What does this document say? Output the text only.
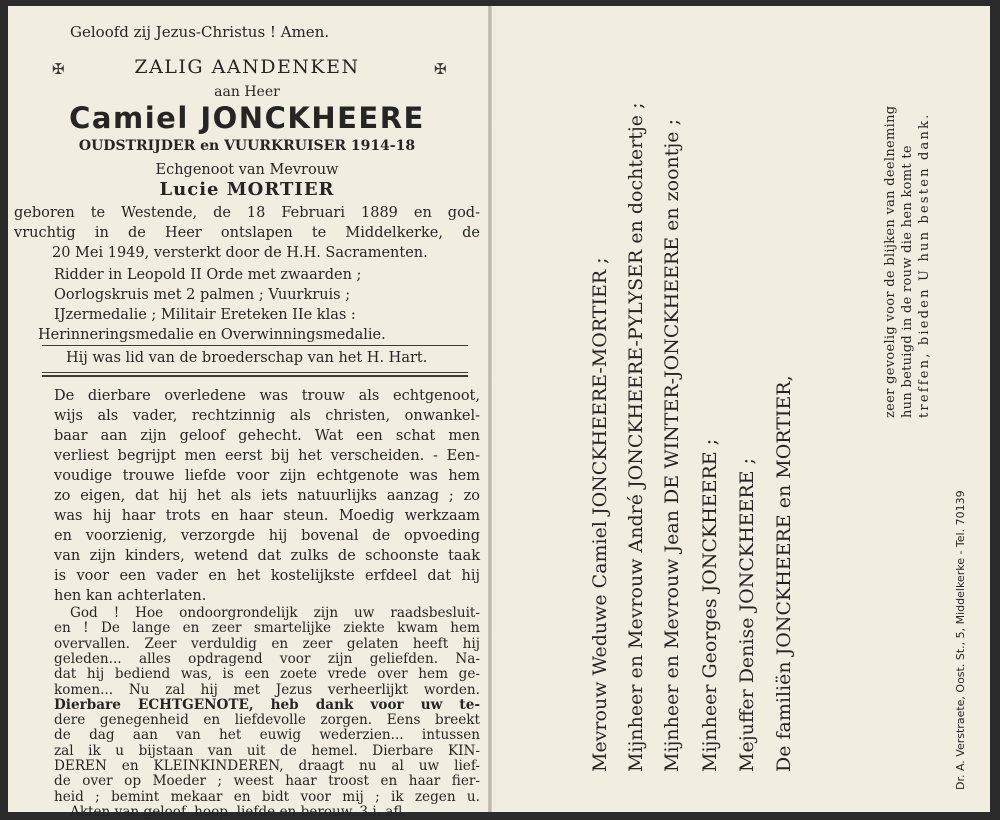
Geloofd zij Jezus-Christus ! Amen.
✠	✠
ZALIG AANDENKEN
aan Heer
Camiel JONCKHEERE
OUDSTRIJDER en VUURKRUISER 1914-18
Echgenoot van Mevrouw
Lucie MORTIER
geboren te Westende, de 18 Februari 1889 en god-
vruchtig in de Heer ontslapen te Middelkerke, de
20 Mei 1949, versterkt door de H.H. Sacramenten.
Ridder in Leopold II Orde met zwaarden ;
Oorlogskruis met 2 palmen ; Vuurkruis ;
IJzermedalie ; Militair Ereteken IIe klas :
Herinneringsmedalie en Overwinningsmedalie.
Hij was lid van de broederschap van het H. Hart.
De dierbare overledene was trouw als echtgenoot,
wijs als vader, rechtzinnig als christen, onwankel-
baar aan zijn geloof gehecht. Wat een schat men
verliest begrijpt men eerst bij het verscheiden. - Een-
voudige trouwe liefde voor zijn echtgenote was hem
zo eigen, dat hij het als iets natuurlijks aanzag ; zo
was hij haar trots en haar steun. Moedig werkzaam
en voorzienig, verzorgde hij bovenal de opvoeding
van zijn kinders, wetend dat zulks de schoonste taak
is voor een vader en het kostelijkste erfdeel dat hij
hen kan achterlaten.
God ! Hoe ondoorgrondelijk zijn uw raadsbesluit-
en ! De lange en zeer smartelijke ziekte kwam hem
overvallen. Zeer verduldig en zeer gelaten heeft hij
geleden... alles opdragend voor zijn geliefden. Na-
dat hij bediend was, is een zoete vrede over hem ge-
komen... Nu zal hij met Jezus verheerlijkt worden.
Dierbare ECHTGENOTE, heb dank voor uw te-
dere genegenheid en liefdevolle zorgen. Eens breekt
de dag aan van het euwig wederzien... intussen
zal ik u bijstaan van uit de hemel. Dierbare KIN-
DEREN en KLEINKINDEREN, draagt nu al uw lief-
de over op Moeder ; weest haar troost en haar fier-
heid ; bemint mekaar en bidt voor mij ; ik zegen u.
Akten van geloof, hoop, liefde en berouw. 3 j. afl.
Mevrouw Weduwe Camiel JONCKHEERE-MORTIER ; Mijnheer en Mevrouw André JONCKHEERE-PYLYSER en dochtertje ; Mijnheer en Mevrouw Jean DE WINTER-JONCKHEERE en zoontje ; Mijnheer Georges JONCKHEERE ; Mejuffer Denise JONCKHEERE ; De familiën JONCKHEERE en MORTIER,
zeer gevoelig voor de blijken van deelneming hun betuigd in de rouw die hen komt te treffen, bieden U hun besten dank.
Dr. A. Verstraete, Oost. St., 5, Middelkerke - Tel. 70139
